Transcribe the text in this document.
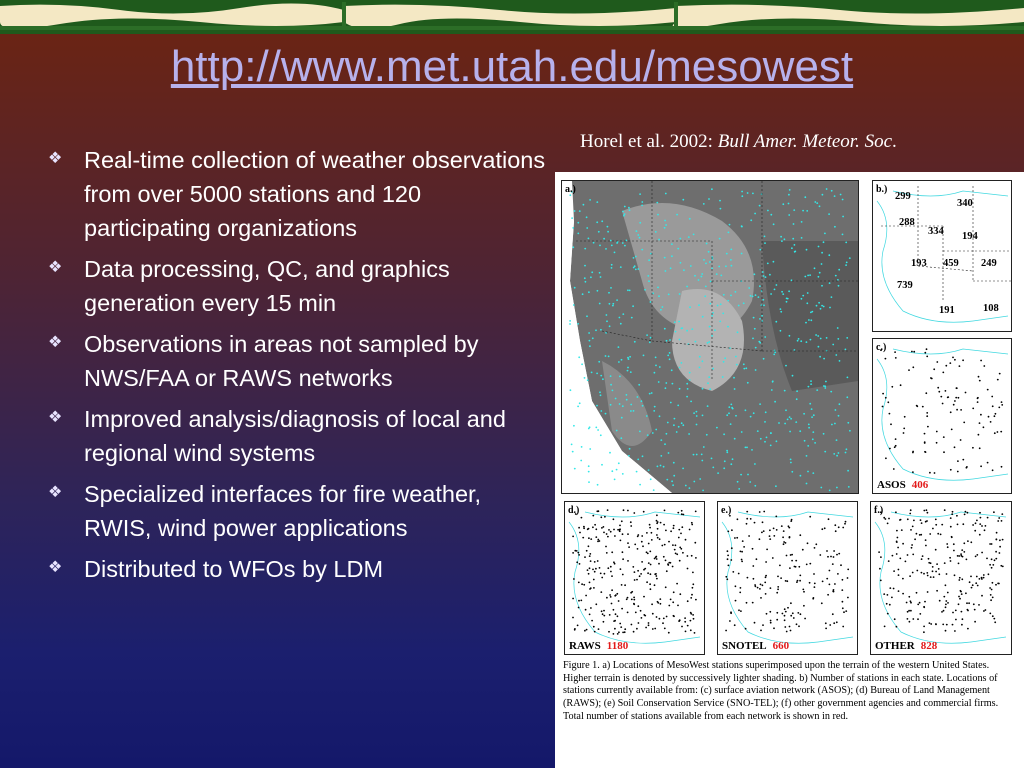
http://www.met.utah.edu/mesowest
Horel et al. 2002: Bull Amer. Meteor. Soc.
❖ Real-time collection of weather observations from over 5000 stations and 120 participating organizations
❖ Data processing, QC, and graphics generation every 15 min
❖ Observations in areas not sampled by NWS/FAA or RAWS networks
❖ Improved analysis/diagnosis of local and regional wind systems
❖ Specialized interfaces for fire weather, RWIS, wind power applications
❖ Distributed to WFOs by LDM
a.)	b.)
299
340
288
334 194
193 459 249
739
191	108
c.)
ASOS 406
d.)
RAWS 1180
e.)
SNOTEL 660
f.)
OTHER 828
Figure 1. a) Locations of MesoWest stations superimposed upon the terrain of the western United States. Higher terrain is denoted by successively lighter shading. b) Number of stations in each state. Locations of stations currently available from: (c) surface aviation network (ASOS); (d) Bureau of Land Management (RAWS); (e) Soil Conservation Service (SNO-TEL); (f) other government agencies and commercial firms. Total number of stations available from each network is shown in red.
